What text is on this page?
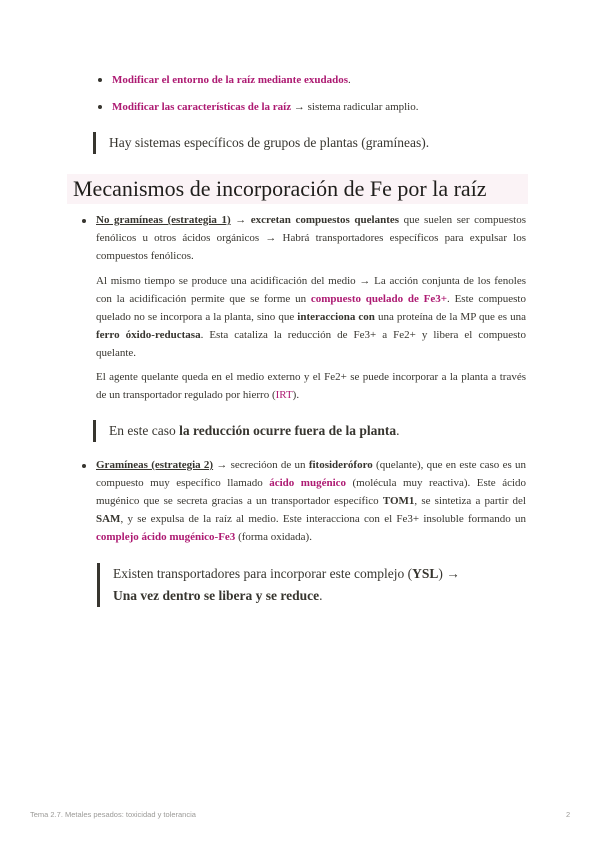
Modificar el entorno de la raíz mediante exudados.
Modificar las características de la raíz → sistema radicular amplio.
Hay sistemas específicos de grupos de plantas (gramíneas).
Mecanismos de incorporación de Fe por la raíz

No gramíneas (estrategia 1) → excretan compuestos quelantes que suelen ser compuestos fenólicos u otros ácidos orgánicos → Habrá transportadores específicos para expulsar los compuestos fenólicos.

Al mismo tiempo se produce una acidificación del medio → La acción conjunta de los fenoles con la acidificación permite que se forme un compuesto quelado de Fe3+. Este compuesto quelado no se incorpora a la planta, sino que interacciona con una proteína de la MP que es una ferro óxido-reductasa. Esta cataliza la reducción de Fe3+ a Fe2+ y libera el compuesto quelante.

El agente quelante queda en el medio externo y el Fe2+ se puede incorporar a la planta a través de un transportador regulado por hierro (IRT).

En este caso la reducción ocurre fuera de la planta.

Gramíneas (estrategia 2) → secrecióon de un fitosideróforo (quelante), que en este caso es un compuesto muy específico llamado ácido mugénico (molécula muy reactiva). Este ácido mugénico que se secreta gracias a un transportador específico TOM1, se sintetiza a partir del SAM, y se expulsa de la raíz al medio. Este interacciona con el Fe3+ insoluble formando un complejo ácido mugénico-Fe3 (forma oxidada).

Existen transportadores para incorporar este complejo (YSL) →
Una vez dentro se libera y se reduce.
Tema 2.7. Metales pesados: toxicidad y tolerancia	2
